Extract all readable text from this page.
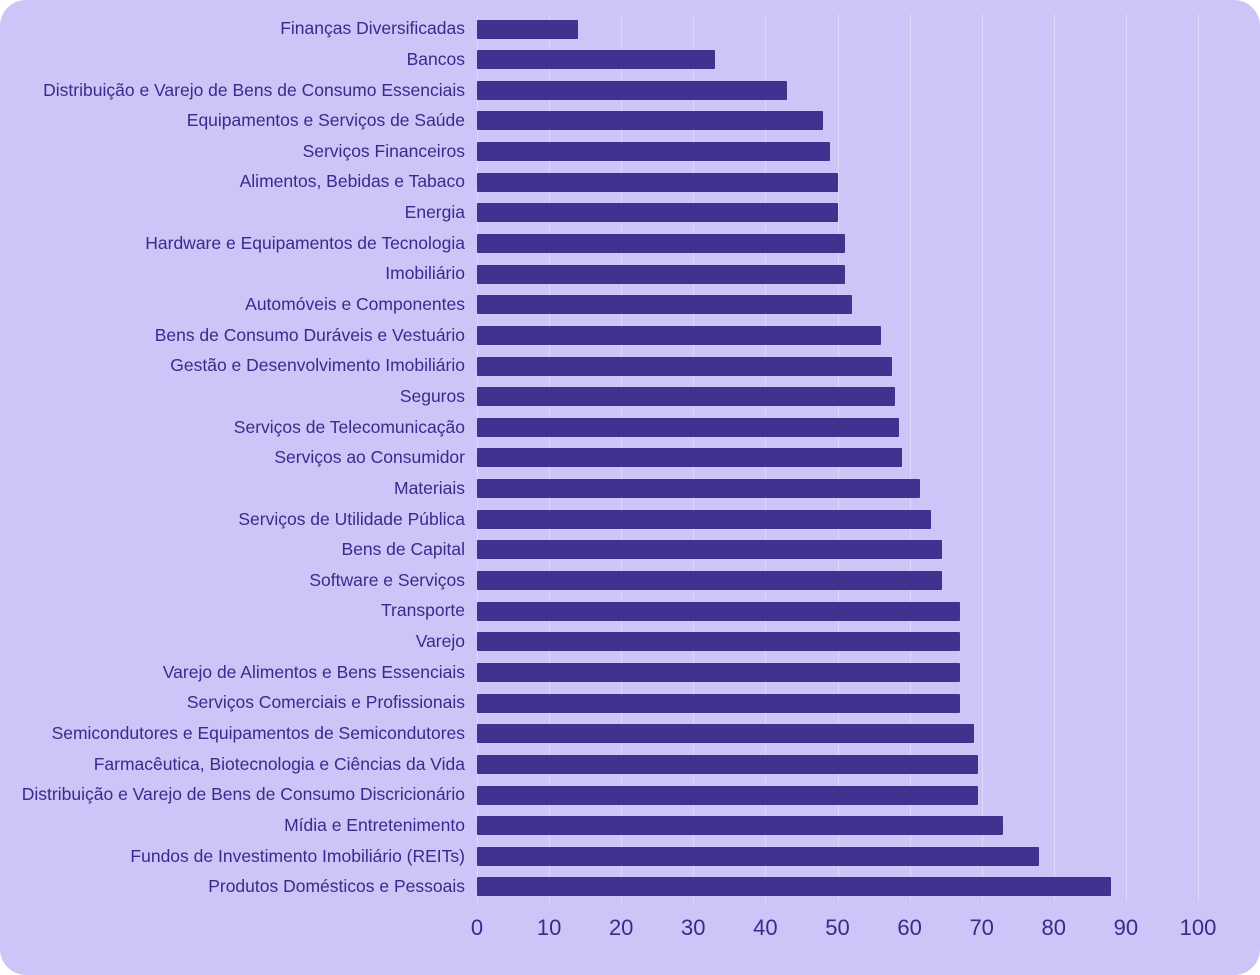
Finanças Diversificadas
Bancos
Distribuição e Varejo de Bens de Consumo Essenciais
Equipamentos e Serviços de Saúde
Serviços Financeiros
Alimentos, Bebidas e Tabaco
Energia
Hardware e Equipamentos de Tecnologia
Imobiliário
Automóveis e Componentes
Bens de Consumo Duráveis e Vestuário
Gestão e Desenvolvimento Imobiliário
Seguros
Serviços de Telecomunicação
Serviços ao Consumidor
Materiais
Serviços de Utilidade Pública
Bens de Capital
Software e Serviços
Transporte
Varejo
Varejo de Alimentos e Bens Essenciais
Serviços Comerciais e Profissionais
Semicondutores e Equipamentos de Semicondutores
Farmacêutica, Biotecnologia e Ciências da Vida
Distribuição e Varejo de Bens de Consumo Discricionário
Mídia e Entretenimento
Fundos de Investimento Imobiliário (REITs)
Produtos Domésticos e Pessoais
0 10 20 30 40 50 60 70 80 90 100
